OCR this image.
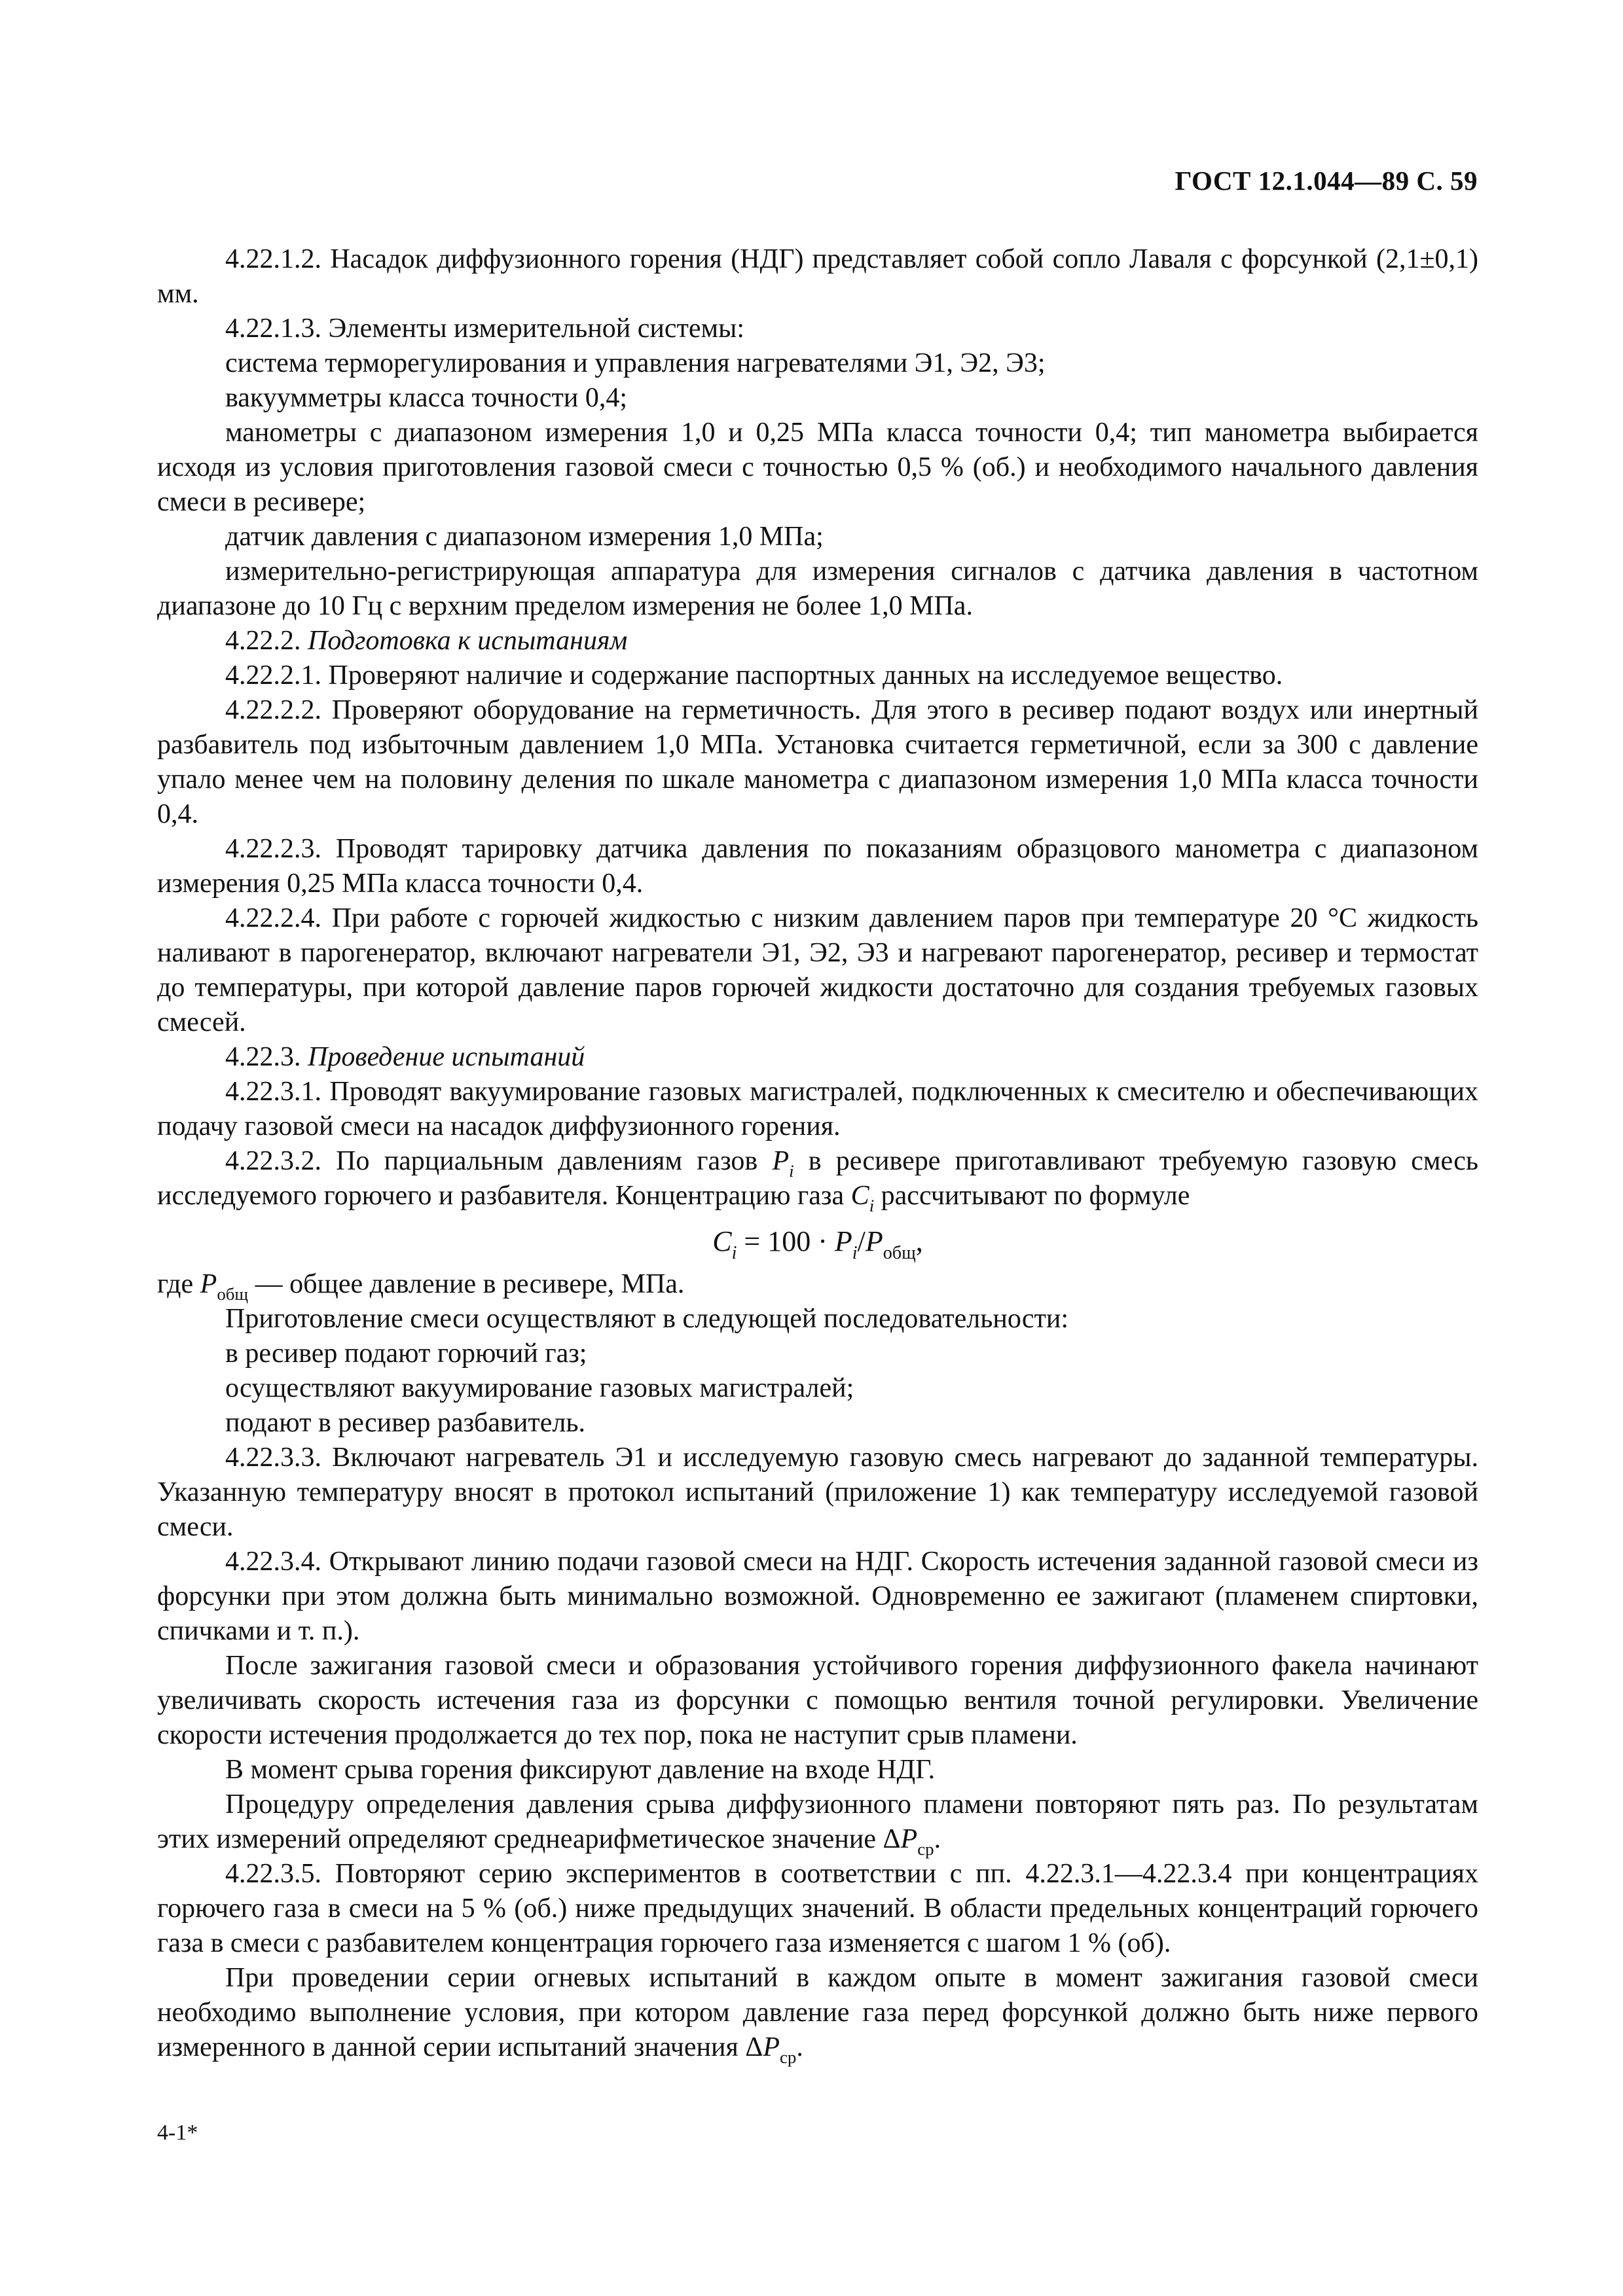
ГОСТ 12.1.044—89 С. 59

4.22.1.2. Насадок диффузионного горения (НДГ) представляет собой сопло Лаваля с форсункой (2,1±0,1) мм.

4.22.1.3. Элементы измерительной системы:

система терморегулирования и управления нагревателями Э1, Э2, Э3;

вакуумметры класса точности 0,4;

манометры с диапазоном измерения 1,0 и 0,25 МПа класса точности 0,4; тип манометра выбирается исходя из условия приготовления газовой смеси с точностью 0,5 % (об.) и необходимого начального давления смеси в ресивере;

датчик давления с диапазоном измерения 1,0 МПа;

измерительно-регистрирующая аппаратура для измерения сигналов с датчика давления в частотном диапазоне до 10 Гц с верхним пределом измерения не более 1,0 МПа.

4.22.2. Подготовка к испытаниям

4.22.2.1. Проверяют наличие и содержание паспортных данных на исследуемое вещество.

4.22.2.2. Проверяют оборудование на герметичность. Для этого в ресивер подают воздух или инертный разбавитель под избыточным давлением 1,0 МПа. Установка считается герметичной, если за 300 с давление упало менее чем на половину деления по шкале манометра с диапазоном измерения 1,0 МПа класса точности 0,4.

4.22.2.3. Проводят тарировку датчика давления по показаниям образцового манометра с диапазоном измерения 0,25 МПа класса точности 0,4.

4.22.2.4. При работе с горючей жидкостью с низким давлением паров при температуре 20 °С жидкость наливают в парогенератор, включают нагреватели Э1, Э2, Э3 и нагревают парогенератор, ресивер и термостат до температуры, при которой давление паров горючей жидкости достаточно для создания требуемых газовых смесей.

4.22.3. Проведение испытаний

4.22.3.1. Проводят вакуумирование газовых магистралей, подключенных к смесителю и обеспечивающих подачу газовой смеси на насадок диффузионного горения.

4.22.3.2. По парциальным давлениям газов $P_i$ в ресивере приготавливают требуемую газовую смесь исследуемого горючего и разбавителя. Концентрацию газа $C_i$ рассчитывают по формуле

$C_i = 100 \cdot P_i/P_{общ}$,

где $P_{общ}$ — общее давление в ресивере, МПа.

Приготовление смеси осуществляют в следующей последовательности:

в ресивер подают горючий газ;

осуществляют вакуумирование газовых магистралей;

подают в ресивер разбавитель.

4.22.3.3. Включают нагреватель Э1 и исследуемую газовую смесь нагревают до заданной температуры. Указанную температуру вносят в протокол испытаний (приложение 1) как температуру исследуемой газовой смеси.

4.22.3.4. Открывают линию подачи газовой смеси на НДГ. Скорость истечения заданной газовой смеси из форсунки при этом должна быть минимально возможной. Одновременно ее зажигают (пламенем спиртовки, спичками и т. п.).

После зажигания газовой смеси и образования устойчивого горения диффузионного факела начинают увеличивать скорость истечения газа из форсунки с помощью вентиля точной регулировки. Увеличение скорости истечения продолжается до тех пор, пока не наступит срыв пламени.

В момент срыва горения фиксируют давление на входе НДГ.

Процедуру определения давления срыва диффузионного пламени повторяют пять раз. По результатам этих измерений определяют среднеарифметическое значение $\Delta P_{ср}$.

4.22.3.5. Повторяют серию экспериментов в соответствии с пп. 4.22.3.1—4.22.3.4 при концентрациях горючего газа в смеси на 5 % (об.) ниже предыдущих значений. В области предельных концентраций горючего газа в смеси с разбавителем концентрация горючего газа изменяется с шагом 1 % (об).

При проведении серии огневых испытаний в каждом опыте в момент зажигания газовой смеси необходимо выполнение условия, при котором давление газа перед форсункой должно быть ниже первого измеренного в данной серии испытаний значения $\Delta P_{ср}$.

4-1*
